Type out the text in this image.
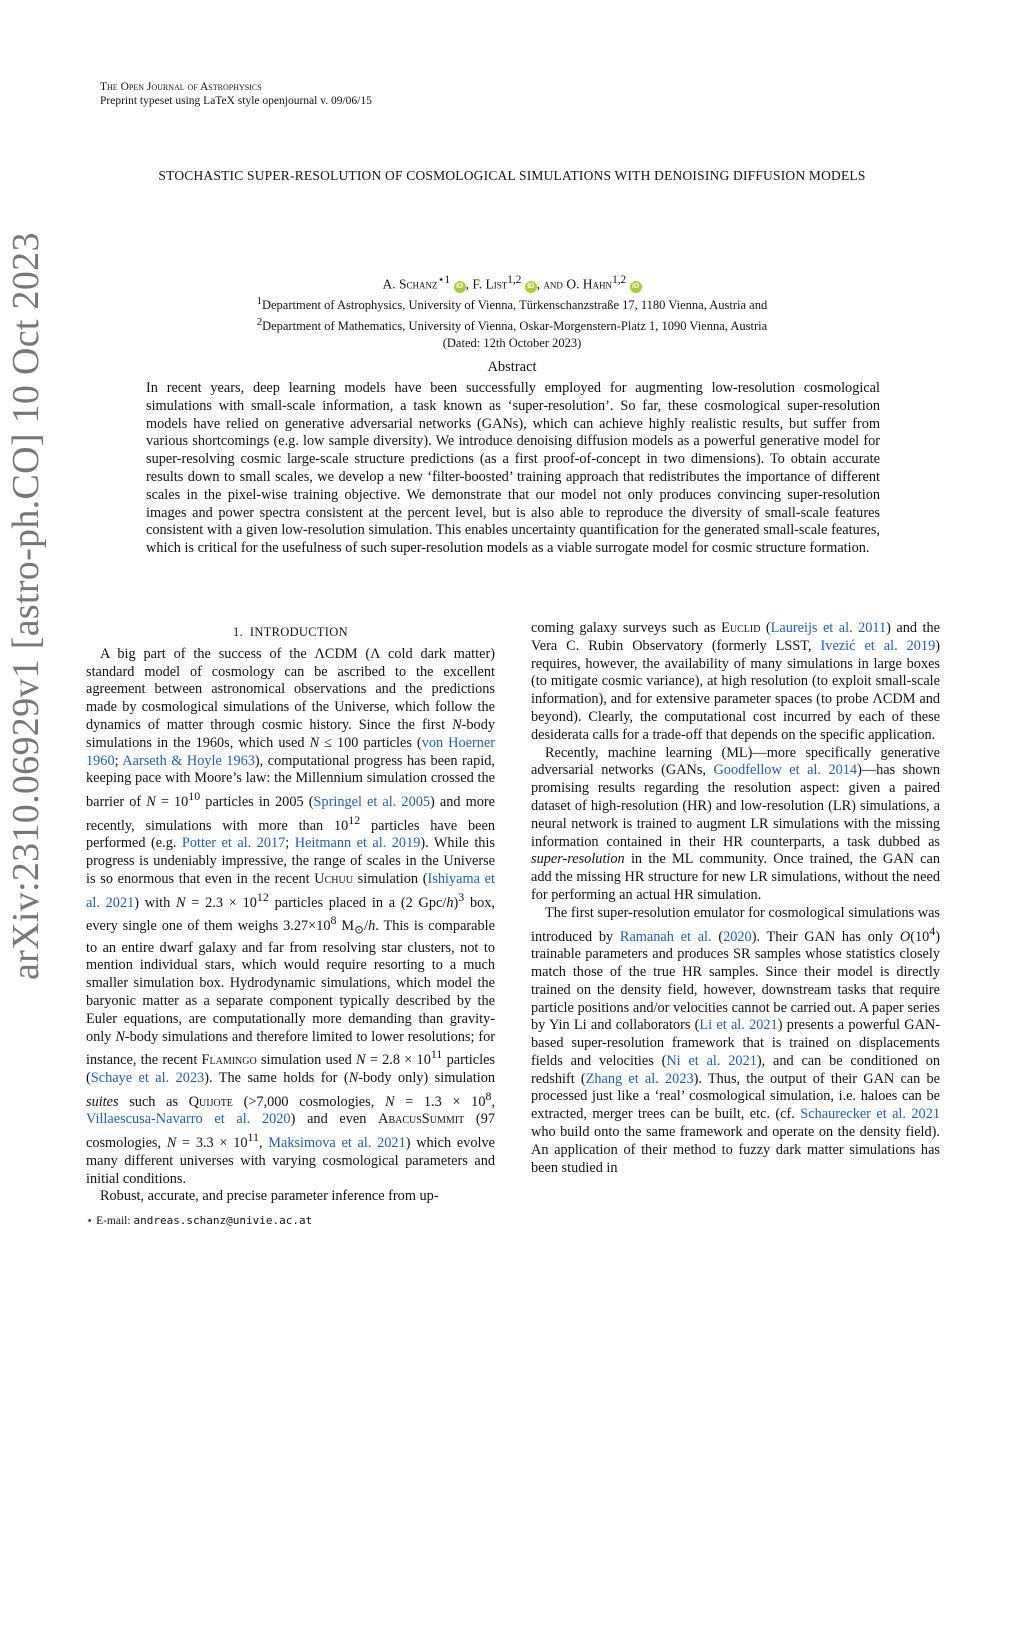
arXiv:2310.06929v1 [astro-ph.CO] 10 Oct 2023
The Open Journal of Astrophysics
Preprint typeset using LaTeX style openjournal v. 09/06/15
STOCHASTIC SUPER-RESOLUTION OF COSMOLOGICAL SIMULATIONS WITH DENOISING DIFFUSION MODELS
A. Schanz$^{⋆1}$ iD , F. List$^{1,2}$ iD , and O. Hahn$^{1,2}$ iD
$^1$Department of Astrophysics, University of Vienna, Türkenschanzstraße 17, 1180 Vienna, Austria and
$^2$Department of Mathematics, University of Vienna, Oskar-Morgenstern-Platz 1, 1090 Vienna, Austria
(Dated: 12th October 2023)
Abstract

In recent years, deep learning models have been successfully employed for augmenting low-resolution cosmological simulations with small-scale information, a task known as ‘super-resolution’. So far, these cosmological super-resolution models have relied on generative adversarial networks (GANs), which can achieve highly realistic results, but suffer from various shortcomings (e.g. low sample diversity). We introduce denoising diffusion models as a powerful generative model for super-resolving cosmic large-scale structure predictions (as a first proof-of-concept in two dimensions). To obtain accurate results down to small scales, we develop a new ‘filter-boosted’ training approach that redistributes the importance of different scales in the pixel-wise training objective. We demonstrate that our model not only produces convincing super-resolution images and power spectra consistent at the percent level, but is also able to reproduce the diversity of small-scale features consistent with a given low-resolution simulation. This enables uncertainty quantification for the generated small-scale features, which is critical for the usefulness of such super-resolution models as a viable surrogate model for cosmic structure formation.

1. INTRODUCTION

A big part of the success of the ΛCDM (Λ cold dark matter) standard model of cosmology can be ascribed to the excellent agreement between astronomical observations and the predictions made by cosmological simulations of the Universe, which follow the dynamics of matter through cosmic history. Since the first N-body simulations in the 1960s, which used N ≤ 100 particles (von Hoerner 1960; Aarseth & Hoyle 1963), computational progress has been rapid, keeping pace with Moore’s law: the Millennium simulation crossed the barrier of $N = 10^{10}$ particles in 2005 (Springel et al. 2005) and more recently, simulations with more than $10^{12}$ particles have been performed (e.g. Potter et al. 2017; Heitmann et al. 2019). While this progress is undeniably impressive, the range of scales in the Universe is so enormous that even in the recent Uchuu simulation (Ishiyama et al. 2021) with $N = 2.3 \times 10^{12}$ particles placed in a (2 Gpc/h)$^3$ box, every single one of them weighs $3.27\times 10^8$ $M_⊙/h$. This is comparable to an entire dwarf galaxy and far from resolving star clusters, not to mention individual stars, which would require resorting to a much smaller simulation box. Hydrodynamic simulations, which model the baryonic matter as a separate component typically described by the Euler equations, are computationally more demanding than gravity-only N-body simulations and therefore limited to lower resolutions; for instance, the recent Flamingo simulation used $N = 2.8 \times 10^{11}$ particles (Schaye et al. 2023). The same holds for (N-body only) simulation suites such as Quijote (>7,000 cosmologies, $N = 1.3 \times 10^8$, Villaescusa-Navarro et al. 2020) and even AbacusSummit (97 cosmologies, $N = 3.3 \times 10^{11}$, Maksimova et al. 2021) which evolve many different universes with varying cosmological parameters and initial conditions.

Robust, accurate, and precise parameter inference from up-

coming galaxy surveys such as Euclid (Laureijs et al. 2011) and the Vera C. Rubin Observatory (formerly LSST, Ivezić et al. 2019) requires, however, the availability of many simulations in large boxes (to mitigate cosmic variance), at high resolution (to exploit small-scale information), and for extensive parameter spaces (to probe ΛCDM and beyond). Clearly, the computational cost incurred by each of these desiderata calls for a trade-off that depends on the specific application.

Recently, machine learning (ML)—more specifically generative adversarial networks (GANs, Goodfellow et al. 2014)—has shown promising results regarding the resolution aspect: given a paired dataset of high-resolution (HR) and low-resolution (LR) simulations, a neural network is trained to augment LR simulations with the missing information contained in their HR counterparts, a task dubbed as super-resolution in the ML community. Once trained, the GAN can add the missing HR structure for new LR simulations, without the need for performing an actual HR simulation.

The first super-resolution emulator for cosmological simulations was introduced by Ramanah et al. (2020). Their GAN has only $O(10^4)$ trainable parameters and produces SR samples whose statistics closely match those of the true HR samples. Since their model is directly trained on the density field, however, downstream tasks that require particle positions and/or velocities cannot be carried out. A paper series by Yin Li and collaborators (Li et al. 2021) presents a powerful GAN-based super-resolution framework that is trained on displacements fields and velocities (Ni et al. 2021), and can be conditioned on redshift (Zhang et al. 2023). Thus, the output of their GAN can be processed just like a ‘real’ cosmological simulation, i.e. haloes can be extracted, merger trees can be built, etc. (cf. Schaurecker et al. 2021 who build onto the same framework and operate on the density field). An application of their method to fuzzy dark matter simulations has been studied in

⋆ E-mail: andreas.schanz@univie.ac.at
